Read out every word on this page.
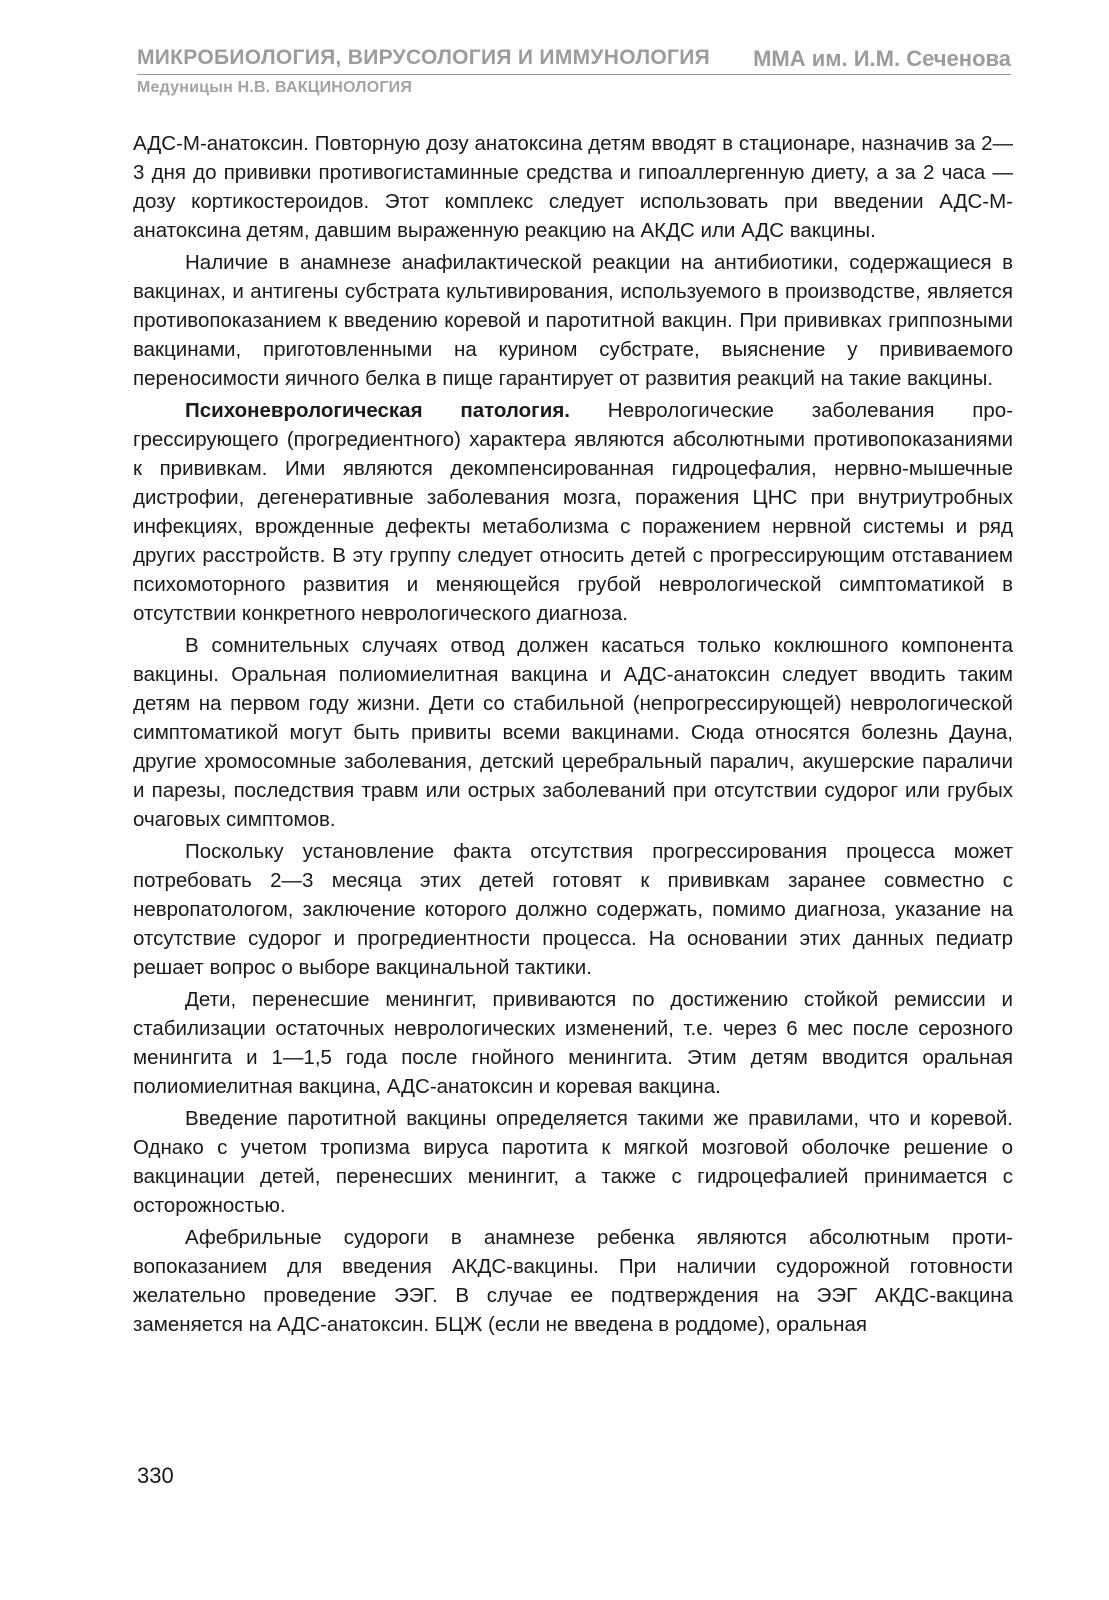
МИКРОБИОЛОГИЯ, ВИРУСОЛОГИЯ И ИММУНОЛОГИЯ ММА им. И.М. Сеченова
Медуницын Н.В. ВАКЦИНОЛОГИЯ

АДС-М-анатоксин. Повторную дозу анатоксина детям вводят в стационаре, назначив за 2—3 дня до прививки противогистаминные средства и гипоаллергенную диету, а за 2 часа — дозу кортикостероидов. Этот комплекс следует использовать при введении АДС-М-анатоксина детям, давшим выраженную реакцию на АКДС или АДС вакцины.

Наличие в анамнезе анафилактической реакции на антибиотики, содержащиеся в вакцинах, и антигены субстрата культивирования, используемого в производстве, является противопоказанием к введению коревой и паротитной вакцин. При прививках гриппозными вакцинами, приготовленными на курином субстрате, выяснение у прививаемого переносимости яичного белка в пище гарантирует от развития реакций на такие вакцины.

Психоневрологическая патология. Неврологические заболевания прогрессирующего (прогредиентного) характера являются абсолютными противопоказаниями к прививкам. Ими являются декомпенсированная гидроцефалия, нервно-мышечные дистрофии, дегенеративные заболевания мозга, поражения ЦНС при внутриутробных инфекциях, врожденные дефекты метаболизма с поражением нервной системы и ряд других расстройств. В эту группу следует относить детей с прогрессирующим отставанием психомоторного развития и меняющейся грубой неврологической симптоматикой в отсутствии конкретного неврологического диагноза.

В сомнительных случаях отвод должен касаться только коклюшного компонента вакцины. Оральная полиомиелитная вакцина и АДС-анатоксин следует вводить таким детям на первом году жизни. Дети со стабильной (непрогрессирующей) неврологической симптоматикой могут быть привиты всеми вакцинами. Сюда относятся болезнь Дауна, другие хромосомные заболевания, детский церебральный паралич, акушерские параличи и парезы, последствия травм или острых заболеваний при отсутствии судорог или грубых очаговых симптомов.

Поскольку установление факта отсутствия прогрессирования процесса может потребовать 2—3 месяца этих детей готовят к прививкам заранее совместно с невропатологом, заключение которого должно содержать, помимо диагноза, указание на отсутствие судорог и прогредиентности процесса. На основании этих данных педиатр решает вопрос о выборе вакцинальной тактики.

Дети, перенесшие менингит, прививаются по достижению стойкой ремиссии и стабилизации остаточных неврологических изменений, т.е. через 6 мес после серозного менингита и 1—1,5 года после гнойного менингита. Этим детям вводится оральная полиомиелитная вакцина, АДС-анатоксин и коревая вакцина.

Введение паротитной вакцины определяется такими же правилами, что и коревой. Однако с учетом тропизма вируса паротита к мягкой мозговой оболочке решение о вакцинации детей, перенесших менингит, а также с гидроцефалией принимается с осторожностью.

Афебрильные судороги в анамнезе ребенка являются абсолютным противопоказанием для введения АКДС-вакцины. При наличии судорожной готовности желательно проведение ЭЭГ. В случае ее подтверждения на ЭЭГ АКДС-вакцина заменяется на АДС-анатоксин. БЦЖ (если не введена в роддоме), оральная

330
